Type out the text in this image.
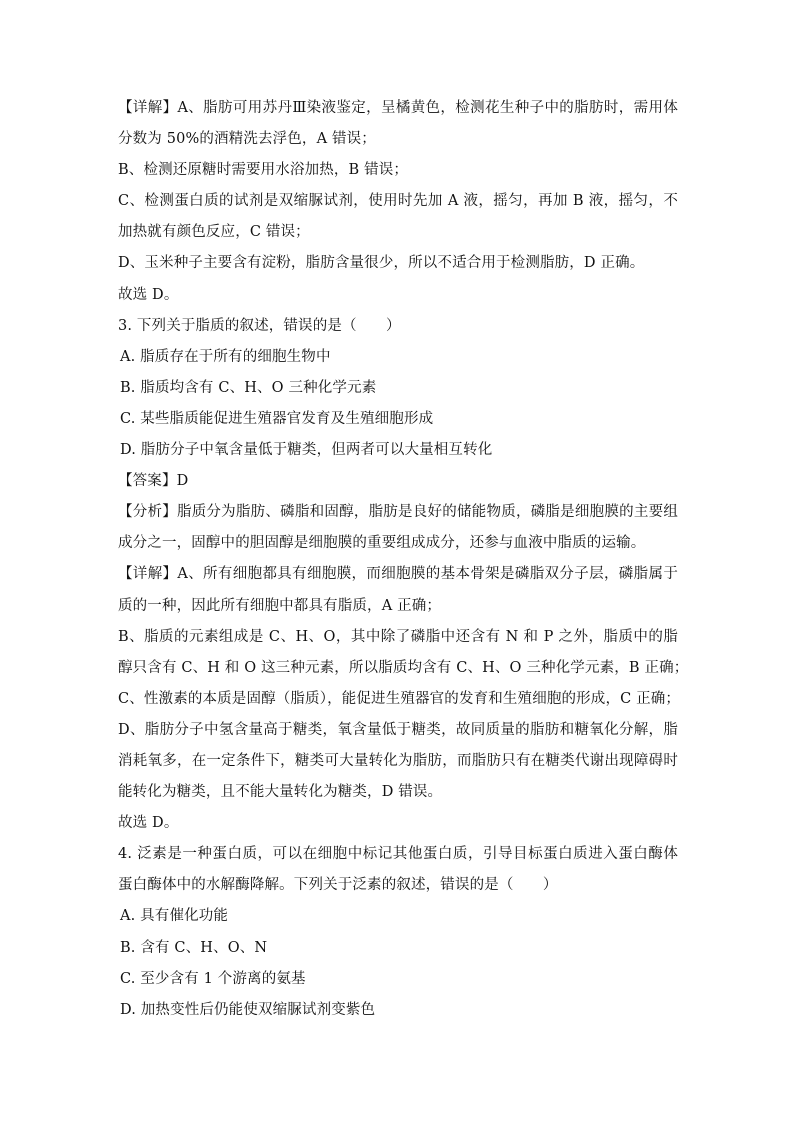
【详解】A、脂肪可用苏丹Ⅲ染液鉴定，呈橘黄色，检测花生种子中的脂肪时，需用体
分数为 50%的酒精洗去浮色，A 错误；
B、检测还原糖时需要用水浴加热，B 错误；
C、检测蛋白质的试剂是双缩脲试剂，使用时先加 A 液，摇匀，再加 B 液，摇匀，不
加热就有颜色反应，C 错误；
D、玉米种子主要含有淀粉，脂肪含量很少，所以不适合用于检测脂肪，D 正确。
故选 D。
3. 下列关于脂质的叙述，错误的是（　　）
A. 脂质存在于所有的细胞生物中
B. 脂质均含有 C、H、O 三种化学元素
C. 某些脂质能促进生殖器官发育及生殖细胞形成
D. 脂肪分子中氧含量低于糖类，但两者可以大量相互转化
【答案】D
【分析】脂质分为脂肪、磷脂和固醇，脂肪是良好的储能物质，磷脂是细胞膜的主要组
成分之一，固醇中的胆固醇是细胞膜的重要组成成分，还参与血液中脂质的运输。
【详解】A、所有细胞都具有细胞膜，而细胞膜的基本骨架是磷脂双分子层，磷脂属于
质的一种，因此所有细胞中都具有脂质，A 正确；
B、脂质的元素组成是 C、H、O，其中除了磷脂中还含有 N 和 P 之外，脂质中的脂
醇只含有 C、H 和 O 这三种元素，所以脂质均含有 C、H、O 三种化学元素，B 正确；
C、性激素的本质是固醇（脂质），能促进生殖器官的发育和生殖细胞的形成，C 正确；
D、脂肪分子中氢含量高于糖类，氧含量低于糖类，故同质量的脂肪和糖氧化分解，脂
消耗氧多，在一定条件下，糖类可大量转化为脂肪，而脂肪只有在糖类代谢出现障碍时
能转化为糖类，且不能大量转化为糖类，D 错误。
故选 D。
4. 泛素是一种蛋白质，可以在细胞中标记其他蛋白质，引导目标蛋白质进入蛋白酶体
蛋白酶体中的水解酶降解。下列关于泛素的叙述，错误的是（　　）
A. 具有催化功能
B. 含有 C、H、O、N
C. 至少含有 1 个游离的氨基
D. 加热变性后仍能使双缩脲试剂变紫色
